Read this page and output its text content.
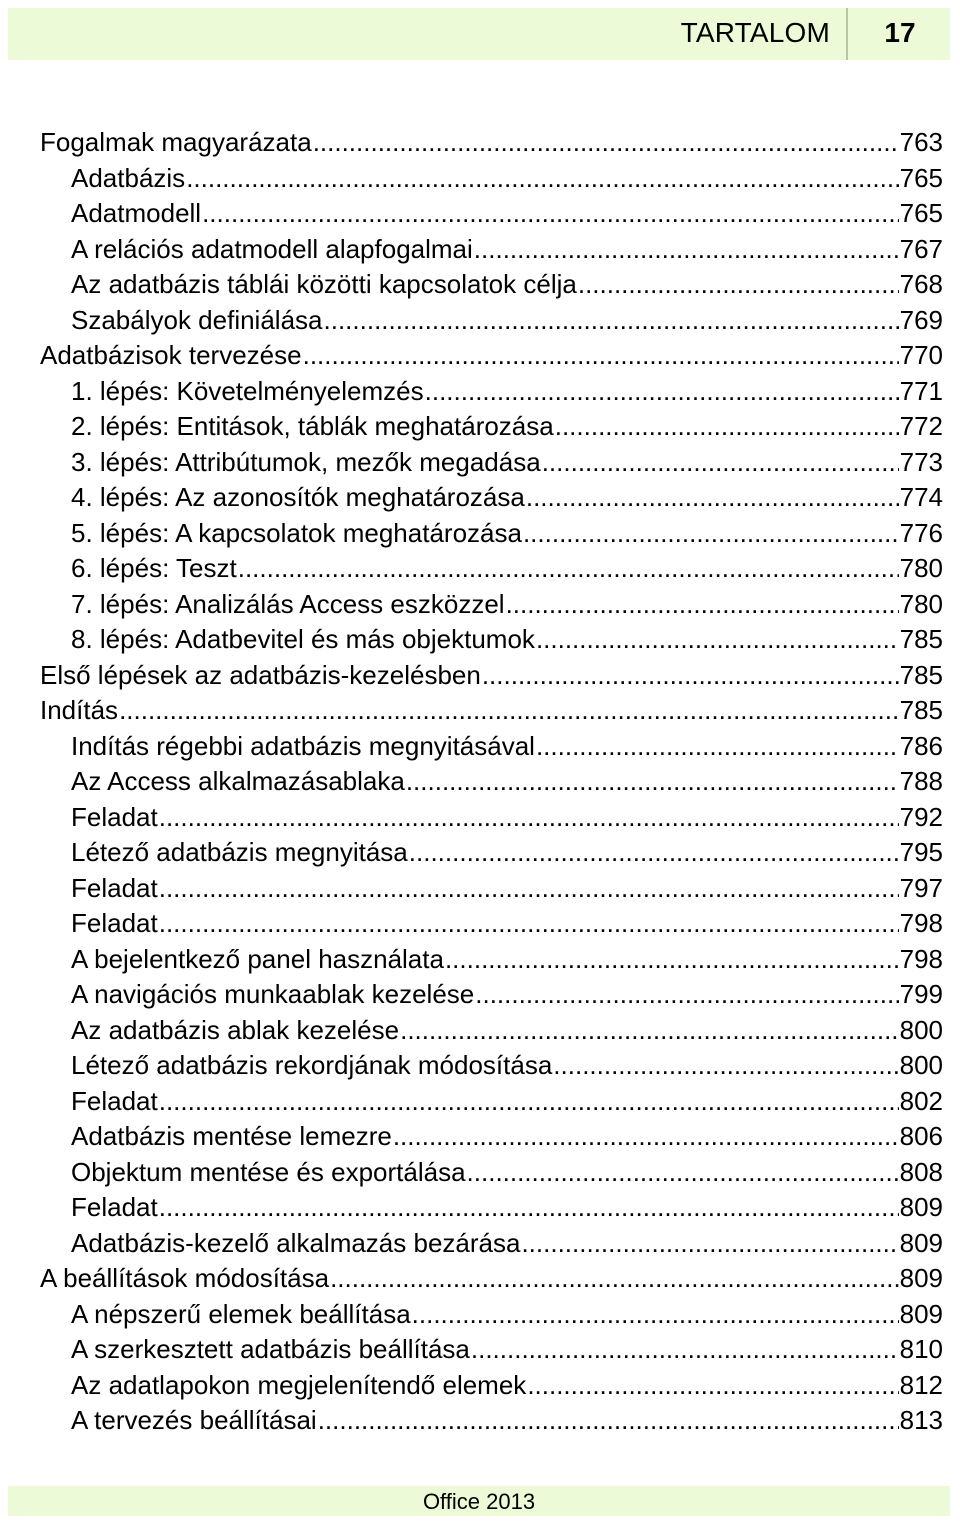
TARTALOM	17
Fogalmak magyarázata .....	763
Adatbázis .....	765
Adatmodell .....	765
A relációs adatmodell alapfogalmai .....	767
Az adatbázis táblái közötti kapcsolatok célja .....	768
Szabályok definiálása .....	769
Adatbázisok tervezése .....	770
1. lépés: Követelményelemzés .....	771
2. lépés: Entitások, táblák meghatározása .....	772
3. lépés: Attribútumok, mezők megadása .....	773
4. lépés: Az azonosítók meghatározása .....	774
5. lépés: A kapcsolatok meghatározása .....	776
6. lépés: Teszt .....	780
7. lépés: Analizálás Access eszközzel .....	780
8. lépés: Adatbevitel és más objektumok .....	785
Első lépések az adatbázis-kezelésben .....	785
Indítás .....	785
Indítás régebbi adatbázis megnyitásával .....	786
Az Access alkalmazásablaka .....	788
Feladat .....	792
Létező adatbázis megnyitása .....	795
Feladat .....	797
Feladat .....	798
A bejelentkező panel használata .....	798
A navigációs munkaablak kezelése .....	799
Az adatbázis ablak kezelése .....	800
Létező adatbázis rekordjának módosítása .....	800
Feladat .....	802
Adatbázis mentése lemezre .....	806
Objektum mentése és exportálása .....	808
Feladat .....	809
Adatbázis-kezelő alkalmazás bezárása .....	809
A beállítások módosítása .....	809
A népszerű elemek beállítása .....	809
A szerkesztett adatbázis beállítása .....	810
Az adatlapokon megjelenítendő elemek .....	812
A tervezés beállításai .....	813
Office 2013
